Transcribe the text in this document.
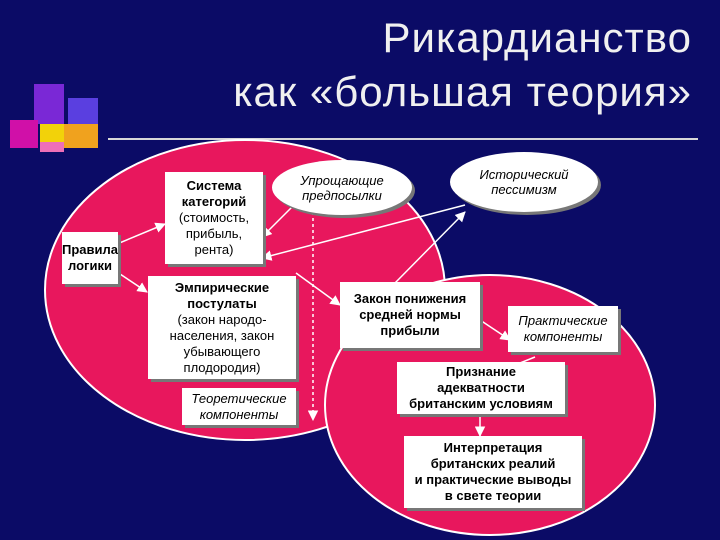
Рикардианство
как «большая теория»
Правила
логики
Система
категорий
(стоимость,
прибыль,
рента)
Эмпирические
постулаты
(закон народо-
населения, закон
убывающего
плодородия)
Теоретические
компоненты
Упрощающие
предпосылки
Исторический
пессимизм
Закон понижения
средней нормы
прибыли
Практические
компоненты
Признание
адекватности
британским условиям
Интерпретация
британских реалий
и практические выводы
в свете теории
